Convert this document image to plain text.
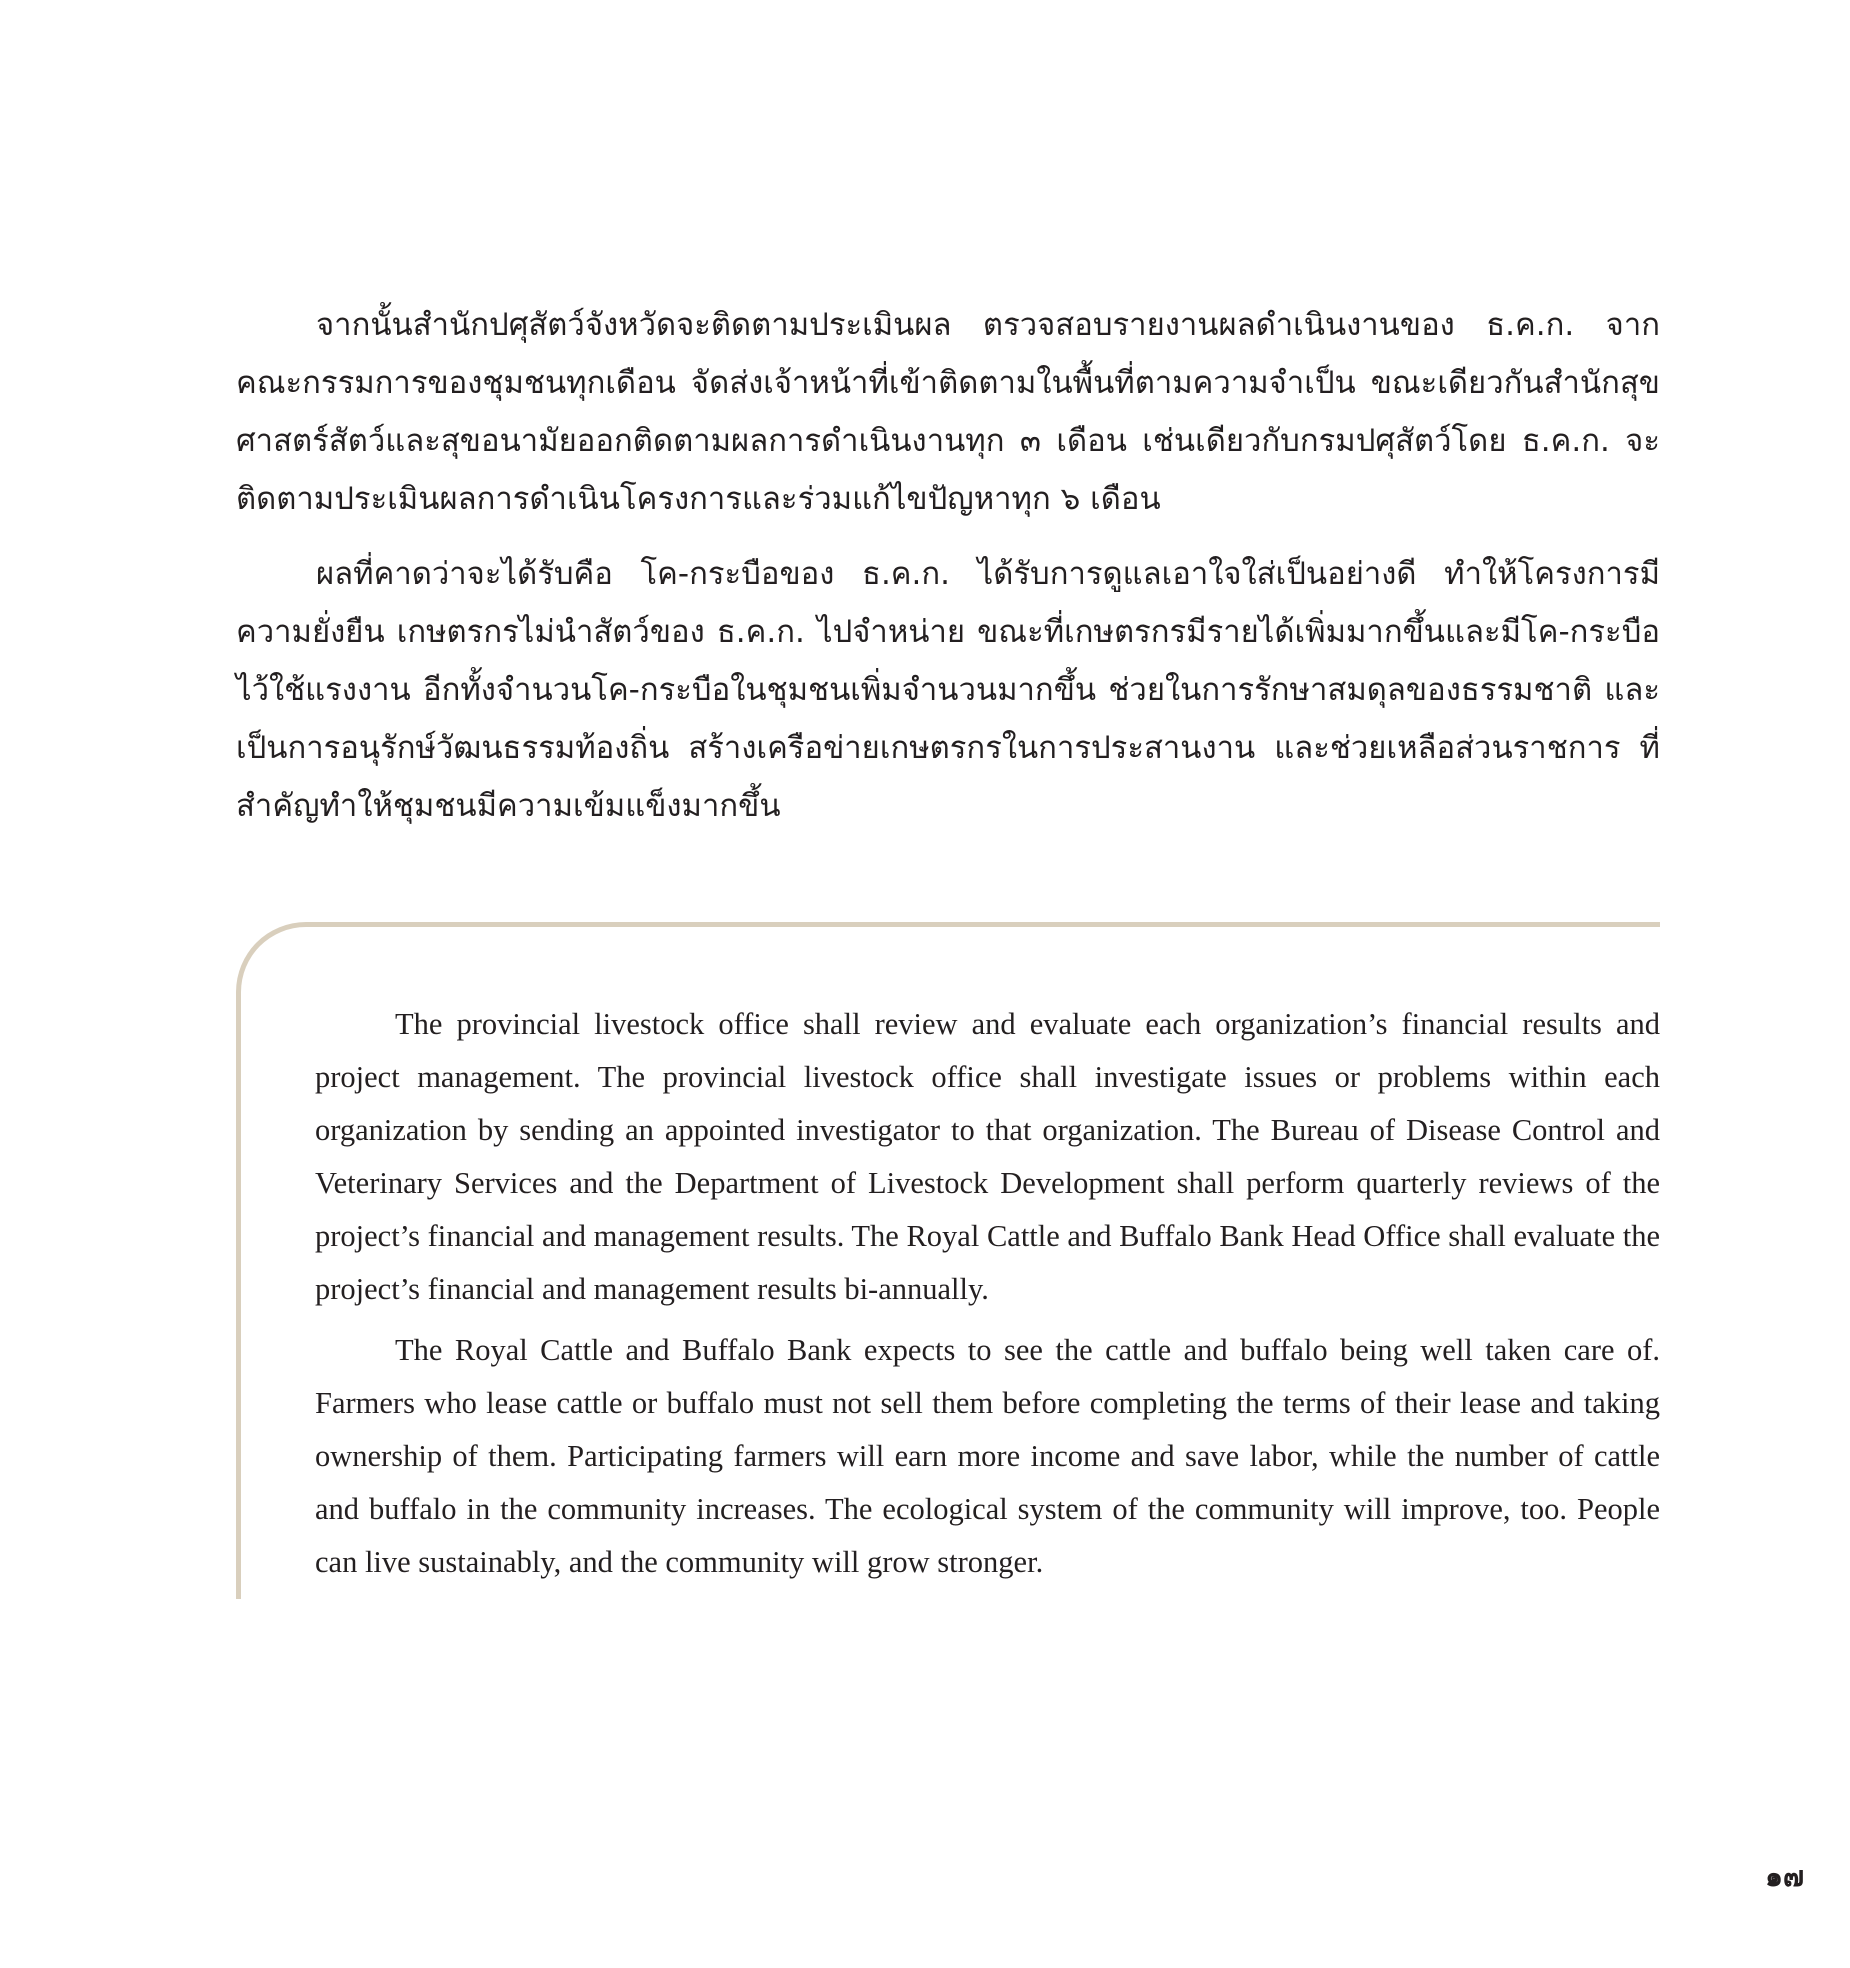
จากนั้นสำนักปศุสัตว์จังหวัดจะติดตามประเมินผล ตรวจสอบรายงานผลดำเนินงานของ ธ.ค.ก. จากคณะกรรมการของชุมชนทุกเดือน จัดส่งเจ้าหน้าที่เข้าติดตามในพื้นที่ตามความจำเป็น ขณะเดียวกันสำนักสุขศาสตร์สัตว์และสุขอนามัยออกติดตามผลการดำเนินงานทุก ๓ เดือน เช่นเดียวกับกรมปศุสัตว์โดย ธ.ค.ก. จะติดตามประเมินผลการดำเนินโครงการและร่วมแก้ไขปัญหาทุก ๖ เดือน

ผลที่คาดว่าจะได้รับคือ โค-กระบือของ ธ.ค.ก. ได้รับการดูแลเอาใจใส่เป็นอย่างดี ทำให้โครงการมีความยั่งยืน เกษตรกรไม่นำสัตว์ของ ธ.ค.ก. ไปจำหน่าย ขณะที่เกษตรกรมีรายได้เพิ่มมากขึ้นและมีโค-กระบือไว้ใช้แรงงาน อีกทั้งจำนวนโค-กระบือในชุมชนเพิ่มจำนวนมากขึ้น ช่วยในการรักษาสมดุลของธรรมชาติ และเป็นการอนุรักษ์วัฒนธรรมท้องถิ่น สร้างเครือข่ายเกษตรกรในการประสานงาน และช่วยเหลือส่วนราชการ ที่สำคัญทำให้ชุมชนมีความเข้มแข็งมากขึ้น

The provincial livestock office shall review and evaluate each organization’s financial results and project management. The provincial livestock office shall investigate issues or problems within each organization by sending an appointed investigator to that organization. The Bureau of Disease Control and Veterinary Services and the Department of Livestock Development shall perform quarterly reviews of the project’s financial and management results. The Royal Cattle and Buffalo Bank Head Office shall evaluate the project’s financial and management results bi-annually.

The Royal Cattle and Buffalo Bank expects to see the cattle and buffalo being well taken care of. Farmers who lease cattle or buffalo must not sell them before completing the terms of their lease and taking ownership of them. Participating farmers will earn more income and save labor, while the number of cattle and buffalo in the community increases. The ecological system of the community will improve, too. People can live sustainably, and the community will grow stronger.

๑๗
